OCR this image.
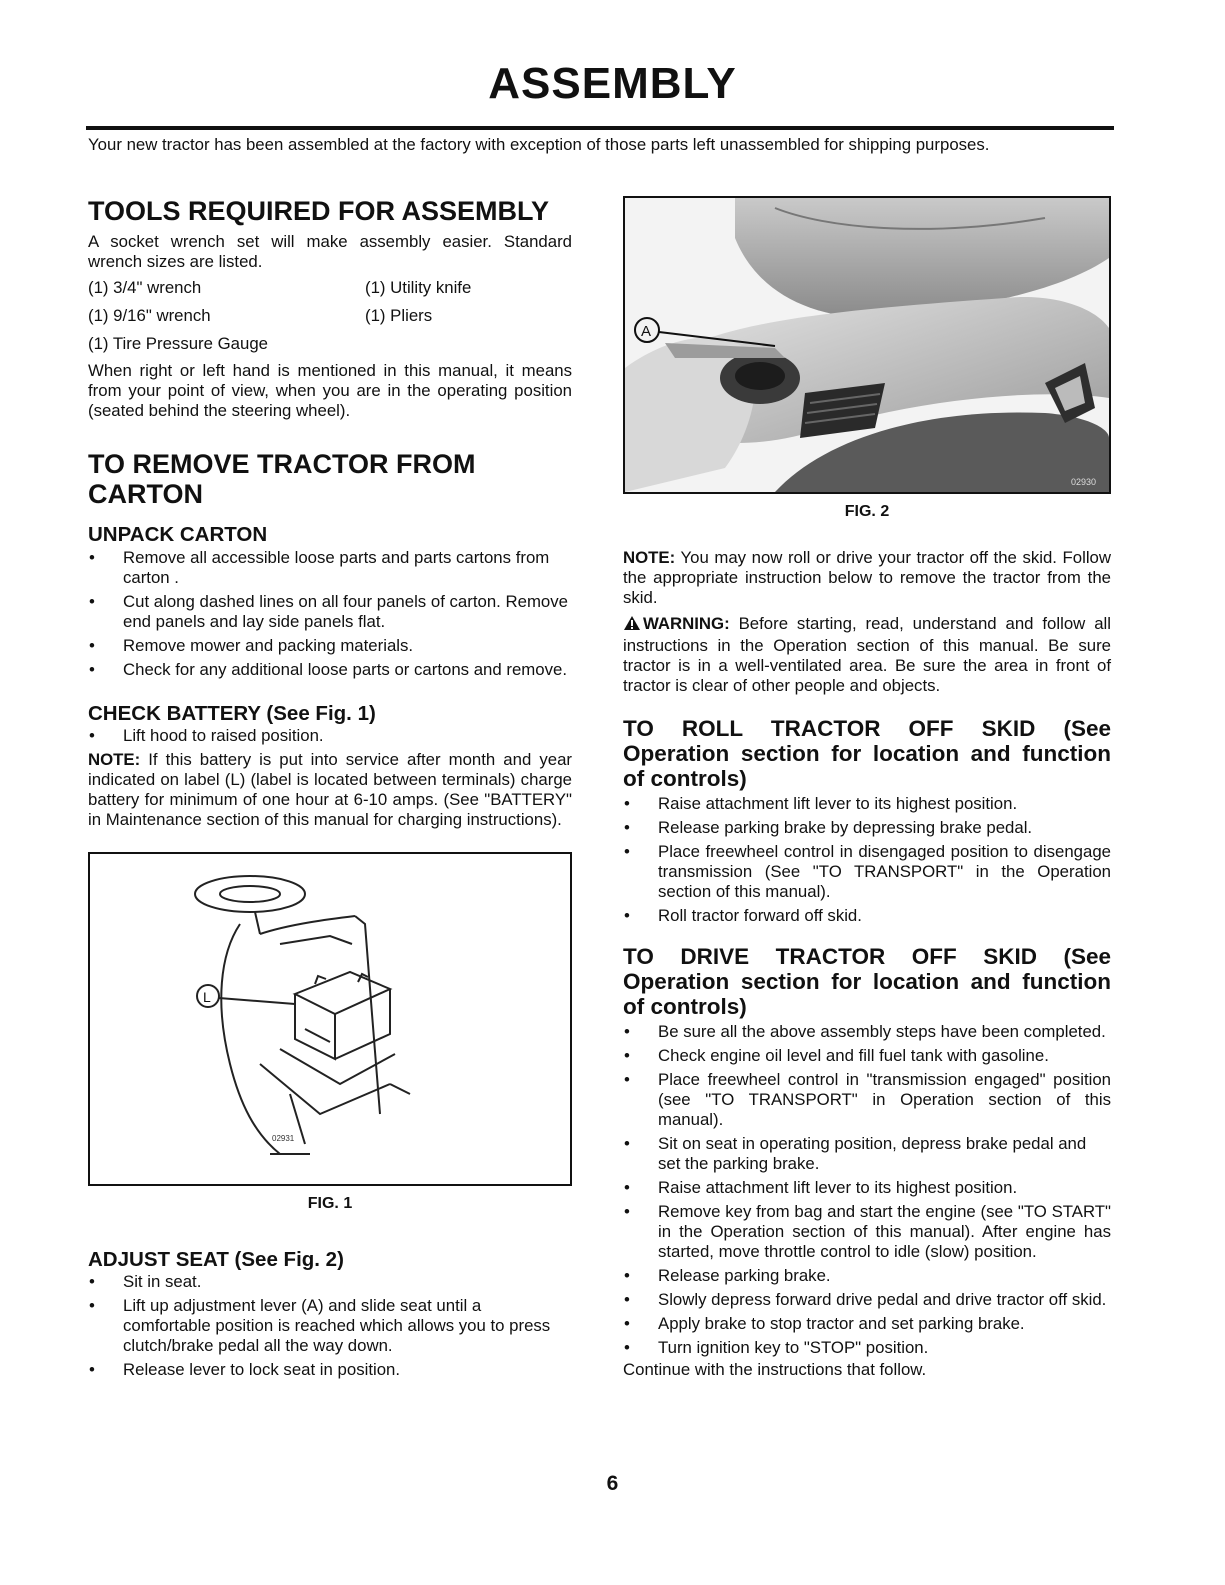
ASSEMBLY

Your new tractor has been assembled at the factory with exception of those parts left unassembled for shipping purposes.

TOOLS REQUIRED FOR ASSEMBLY

A socket wrench set will make assembly easier. Standard wrench sizes are listed.

(1) 3/4" wrench	(1) Utility knife
(1) 9/16" wrench	(1) Pliers
(1) Tire Pressure Gauge

When right or left hand is mentioned in this manual, it means from your point of view, when you are in the operating position (seated behind the steering wheel).

TO REMOVE TRACTOR FROM
CARTON
UNPACK CARTON
• Remove all accessible loose parts and parts cartons from carton .
• Cut along dashed lines on all four panels of carton. Remove end panels and lay side panels flat.
• Remove mower and packing materials.
• Check for any additional loose parts or cartons and remove.
CHECK BATTERY (See Fig. 1)
• Lift hood to raised position.

NOTE: If this battery is put into service after month and year indicated on label (L) (label is located between terminals) charge battery for minimum of one hour at 6-10 amps. (See "BATTERY" in Maintenance section of this manual for charging instructions).

L
02931
FIG. 1
ADJUST SEAT (See Fig. 2)
• Sit in seat.
• Lift up adjustment lever (A) and slide seat until a comfortable position is reached which allows you to press clutch/brake pedal all the way down.
• Release lever to lock seat in position.
A
02930
FIG. 2

NOTE: You may now roll or drive your tractor off the skid. Follow the appropriate instruction below to remove the tractor from the skid.

WARNING: Before starting, read, understand and follow all instructions in the Operation section of this manual. Be sure tractor is in a well-ventilated area. Be sure the area in front of tractor is clear of other people and objects.

TO ROLL TRACTOR OFF SKID (See Operation section for location and function of controls)
• Raise attachment lift lever to its highest position.
• Release parking brake by depressing brake pedal.
• Place freewheel control in disengaged position to disengage transmission (See "TO TRANSPORT" in the Operation section of this manual).
• Roll tractor forward off skid.
TO DRIVE TRACTOR OFF SKID (See Operation section for location and function of controls)
• Be sure all the above assembly steps have been completed.
• Check engine oil level and fill fuel tank with gasoline.
• Place freewheel control in "transmission engaged" position (see "TO TRANSPORT" in Operation section of this manual).
• Sit on seat in operating position, depress brake pedal and set the parking brake.
• Raise attachment lift lever to its highest position.
• Remove key from bag and start the engine (see "TO START" in the Operation section of this manual). After engine has started, move throttle control to idle (slow) position.
• Release parking brake.
• Slowly depress forward drive pedal and drive tractor off skid.
• Apply brake to stop tractor and set parking brake.
• Turn ignition key to "STOP" position.

Continue with the instructions that follow.

6
